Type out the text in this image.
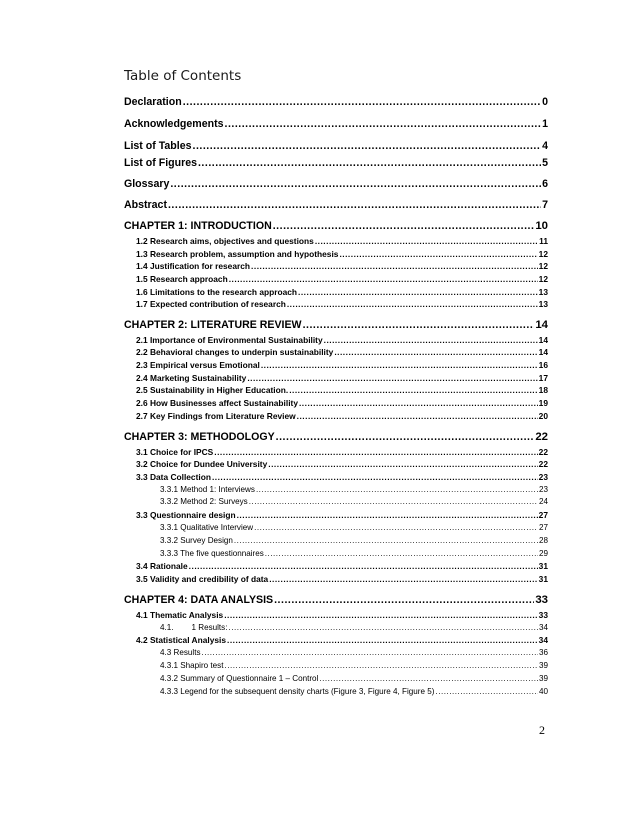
Table of Contents
Declaration .....	0
Acknowledgements .....	1
List of Tables .....	4
List of Figures .....	5
Glossary .....	6
Abstract .....	7
CHAPTER 1: INTRODUCTION .....	10
1.2 Research aims, objectives and questions .....	11
1.3 Research problem, assumption and hypothesis .....	12
1.4 Justification for research .....	12
1.5 Research approach .....	12
1.6 Limitations to the research approach .....	13
1.7 Expected contribution of research .....	13
CHAPTER 2: LITERATURE REVIEW .....	14
2.1 Importance of Environmental Sustainability .....	14
2.2 Behavioral changes to underpin sustainability .....	14
2.3 Empirical versus Emotional .....	16
2.4 Marketing Sustainability .....	17
2.5 Sustainability in Higher Education. .....	18
2.6 How Businesses affect Sustainability .....	19
2.7 Key Findings from Literature Review .....	20
CHAPTER 3: METHODOLOGY .....	22
3.1 Choice for IPCS .....	22
3.2 Choice for Dundee University .....	22
3.3 Data Collection .....	23
3.3.1 Method 1: Interviews .....	23
3.3.2 Method 2: Surveys .....	24
3.3 Questionnaire design .....	27
3.3.1 Qualitative Interview .....	27
3.3.2 Survey Design .....	28
3.3.3 The five questionnaires .....	29
3.4 Rationale .....	31
3.5 Validity and credibility of data .....	31
CHAPTER 4: DATA ANALYSIS .....	33
4.1 Thematic Analysis .....	33
4.1.        1 Results: .....	34
4.2 Statistical Analysis .....	34
4.3 Results .....	36
4.3.1 Shapiro test .....	39
4.3.2 Summary of Questionnaire 1 – Control .....	39
4.3.3 Legend for the subsequent density charts (Figure 3, Figure 4, Figure 5) .....	40
2
